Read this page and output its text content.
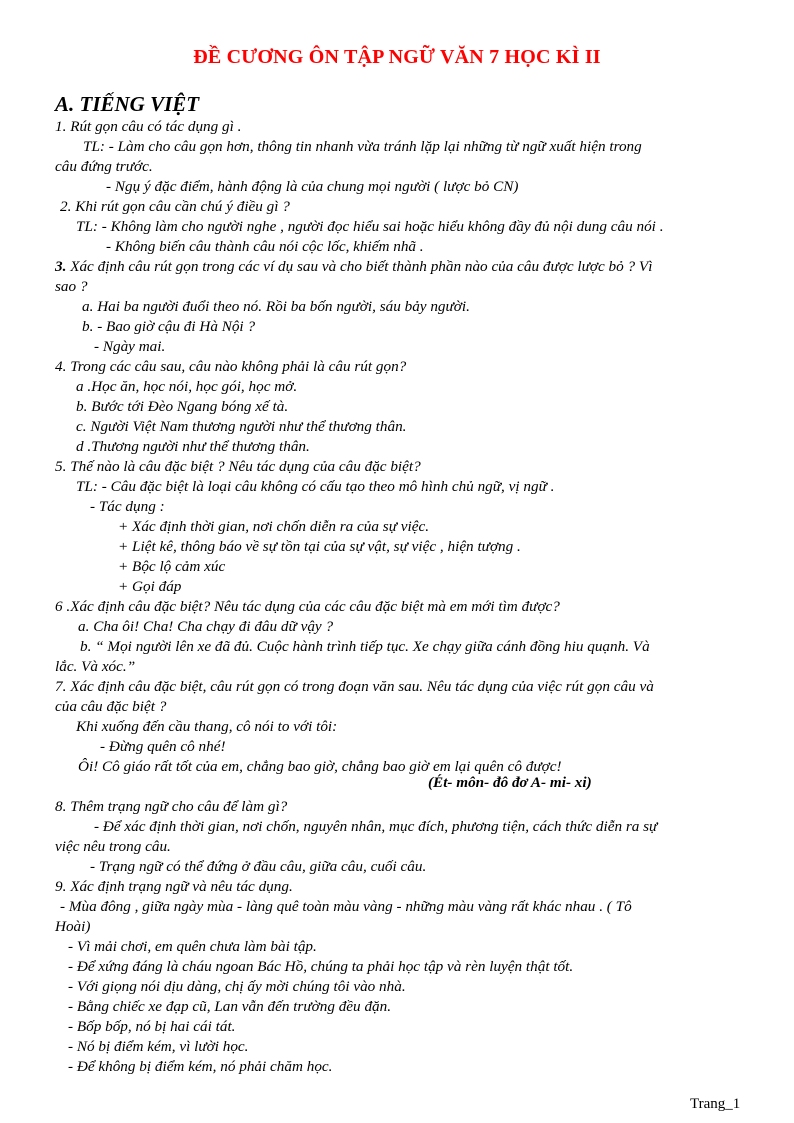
ĐỀ CƯƠNG ÔN TẬP NGỮ VĂN 7 HỌC KÌ II
A. TIẾNG VIỆT
1. Rút gọn câu có tác dụng gì .
TL: - Làm cho câu gọn hơn, thông tin nhanh vừa tránh lặp lại những từ ngữ xuất hiện trong
câu đứng trước.
- Ngụ ý đặc điểm, hành động là của chung mọi người ( lược bỏ CN)
2. Khi rút gọn câu cần chú ý điều gì ?
TL: - Không làm cho người nghe , người đọc hiểu sai hoặc hiểu không đầy đủ nội dung câu nói .
- Không biến câu thành câu nói cộc lốc, khiếm nhã .
3. Xác định câu rút gọn trong các ví dụ sau và cho biết thành phần nào của câu được lược bỏ ? Vì
sao ?
a. Hai ba người đuổi theo nó. Rồi ba bốn người, sáu bảy người.
b. - Bao giờ cậu đi Hà Nội ?
- Ngày mai.
4. Trong các câu sau, câu nào không phải là câu rút gọn?
a .Học ăn, học nói, học gói, học mở.
b. Bước tới Đèo Ngang bóng xế tà.
c. Người Việt Nam thương người như thể thương thân.
d .Thương người như thể thương thân.
5. Thế nào là câu đặc biệt ? Nêu tác dụng của câu đặc biệt?
TL: - Câu đặc biệt là loại câu không có cấu tạo theo mô hình chủ ngữ, vị ngữ .
- Tác dụng :
+ Xác định thời gian, nơi chốn diễn ra của sự việc.
+ Liệt kê, thông báo về sự tồn tại của sự vật, sự việc , hiện tượng .
+ Bộc lộ cảm xúc
+ Gọi đáp
6 .Xác định câu đặc biệt? Nêu tác dụng của các câu đặc biệt mà em mới tìm được?
a. Cha ôi! Cha! Cha chạy đi đâu dữ vậy ?
b. “ Mọi người lên xe đã đủ. Cuộc hành trình tiếp tục. Xe chạy giữa cánh đồng hiu quạnh. Và
lắc. Và xóc.”
7. Xác định câu đặc biệt, câu rút gọn có trong đoạn văn sau. Nêu tác dụng của việc rút gọn câu và
của câu đặc biệt ?
Khi xuống đến cầu thang, cô nói to với tôi:
- Đừng quên cô nhé!
Ôi! Cô giáo rất tốt của em, chẳng bao giờ, chẳng bao giờ em lại quên cô được!
(Ét- môn- đô đơ A- mi- xi)
8. Thêm trạng ngữ cho câu để làm gì?
- Để xác định thời gian, nơi chốn, nguyên nhân, mục đích, phương tiện, cách thức diễn ra sự
việc nêu trong câu.
- Trạng ngữ có thể đứng ở đầu câu, giữa câu, cuối câu.
9. Xác định trạng ngữ và nêu tác dụng.
- Mùa đông , giữa ngày mùa - làng quê toàn màu vàng - những màu vàng rất khác nhau . ( Tô
Hoài)
- Vì mải chơi, em quên chưa làm bài tập.
- Để xứng đáng là cháu ngoan Bác Hồ, chúng ta phải học tập và rèn luyện thật tốt.
- Với giọng nói dịu dàng, chị ấy mời chúng tôi vào nhà.
- Bằng chiếc xe đạp cũ, Lan vẫn đến trường đều đặn.
- Bốp bốp, nó bị hai cái tát.
- Nó bị điểm kém, vì lười học.
- Để không bị điểm kém, nó phải chăm học.
Trang_1
